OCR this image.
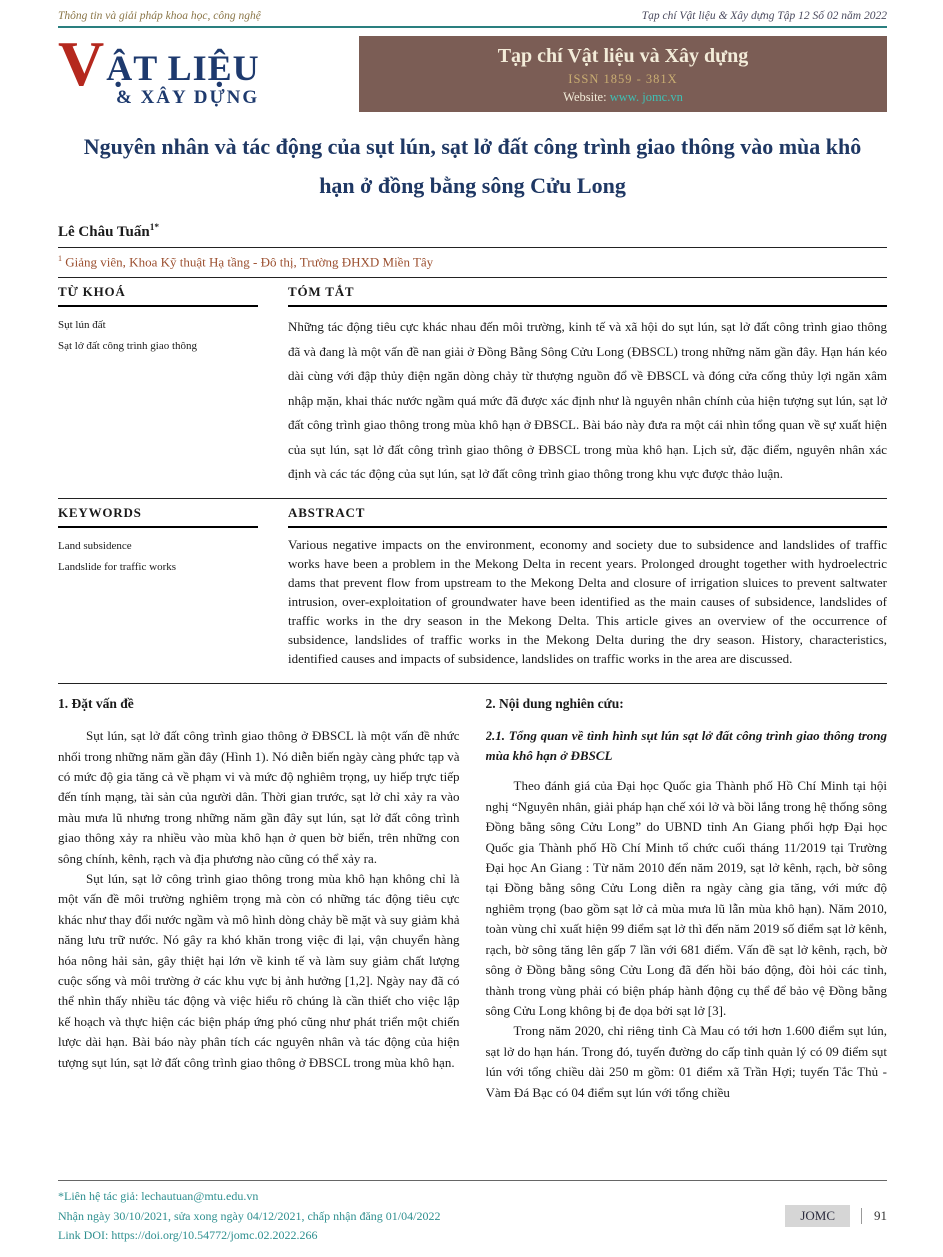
Thông tin và giải pháp khoa học, công nghệ	Tạp chí Vật liệu & Xây dựng Tập 12 Số 02 năm 2022
V ẬT LIỆU
& XÂY DỰNG
Tạp chí Vật liệu và Xây dựng
ISSN 1859 - 381X
Website: www. jomc.vn
Nguyên nhân và tác động của sụt lún, sạt lở đất công trình giao thông vào mùa khô hạn ở đồng bằng sông Cửu Long
Lê Châu Tuấn$^{1*}$
$^1$ Giảng viên, Khoa Kỹ thuật Hạ tầng - Đô thị, Trường ĐHXD Miền Tây
TỪ KHOÁ	TÓM TẮT
Sụt lún đất
Sạt lở đất công trình giao thông
Những tác động tiêu cực khác nhau đến môi trường, kinh tế và xã hội do sụt lún, sạt lở đất công trình giao thông đã và đang là một vấn đề nan giải ở Đồng Bằng Sông Cửu Long (ĐBSCL) trong những năm gần đây. Hạn hán kéo dài cùng với đập thủy điện ngăn dòng chảy từ thượng nguồn đổ về ĐBSCL và đóng cửa cống thủy lợi ngăn xâm nhập mặn, khai thác nước ngầm quá mức đã được xác định như là nguyên nhân chính của hiện tượng sụt lún, sạt lở đất công trình giao thông trong mùa khô hạn ở ĐBSCL. Bài báo này đưa ra một cái nhìn tổng quan về sự xuất hiện của sụt lún, sạt lở đất công trình giao thông ở ĐBSCL trong mùa khô hạn. Lịch sử, đặc điểm, nguyên nhân xác định và các tác động của sụt lún, sạt lở đất công trình giao thông trong khu vực được thảo luận.
KEYWORDS	ABSTRACT
Land subsidence
Landslide for traffic works
Various negative impacts on the environment, economy and society due to subsidence and landslides of traffic works have been a problem in the Mekong Delta in recent years. Prolonged drought together with hydroelectric dams that prevent flow from upstream to the Mekong Delta and closure of irrigation sluices to prevent saltwater intrusion, over-exploitation of groundwater have been identified as the main causes of subsidence, landslides of traffic works in the dry season in the Mekong Delta. This article gives an overview of the occurrence of subsidence, landslides of traffic works in the Mekong Delta during the dry season. History, characteristics, identified causes and impacts of subsidence, landslides on traffic works in the area are discussed.
1. Đặt vấn đề

Sụt lún, sạt lở đất công trình giao thông ở ĐBSCL là một vấn đề nhức nhối trong những năm gần đây (Hình 1). Nó diễn biến ngày càng phức tạp và có mức độ gia tăng cả về phạm vi và mức độ nghiêm trọng, uy hiếp trực tiếp đến tính mạng, tài sản của người dân. Thời gian trước, sạt lở chỉ xảy ra vào màu mưa lũ nhưng trong những năm gần đây sụt lún, sạt lở đất công trình giao thông xảy ra nhiều vào mùa khô hạn ở quen bờ biển, trên những con sông chính, kênh, rạch và địa phương nào cũng có thể xảy ra.

Sụt lún, sạt lở công trình giao thông trong mùa khô hạn không chỉ là một vấn đề môi trường nghiêm trọng mà còn có những tác động tiêu cực khác như thay đổi nước ngầm và mô hình dòng chảy bề mặt và suy giảm khả năng lưu trữ nước. Nó gây ra khó khăn trong việc đi lại, vận chuyển hàng hóa nông hải sản, gây thiệt hại lớn về kinh tế và làm suy giảm chất lượng cuộc sống và môi trường ở các khu vực bị ảnh hưởng [1,2]. Ngày nay đã có thể nhìn thấy nhiều tác động và việc hiểu rõ chúng là cần thiết cho việc lập kế hoạch và thực hiện các biện pháp ứng phó cũng như phát triển một chiến lược dài hạn. Bài báo này phân tích các nguyên nhân và tác động của hiện tượng sụt lún, sạt lở đất công trình giao thông ở ĐBSCL trong mùa khô hạn.

2. Nội dung nghiên cứu:
2.1. Tổng quan về tình hình sụt lún sạt lở đất công trình giao thông trong mùa khô hạn ở ĐBSCL

Theo đánh giá của Đại học Quốc gia Thành phố Hồ Chí Minh tại hội nghị “Nguyên nhân, giải pháp hạn chế xói lở và bồi lắng trong hệ thống sông Đồng bằng sông Cửu Long” do UBND tỉnh An Giang phối hợp Đại học Quốc gia Thành phố Hồ Chí Minh tổ chức cuối tháng 11/2019 tại Trường Đại học An Giang : Từ năm 2010 đến năm 2019, sạt lở kênh, rạch, bờ sông tại Đồng bằng sông Cửu Long diễn ra ngày càng gia tăng, với mức độ nghiêm trọng (bao gồm sạt lở cả mùa mưa lũ lẫn mùa khô hạn). Năm 2010, toàn vùng chỉ xuất hiện 99 điểm sạt lở thì đến năm 2019 số điểm sạt lở kênh, rạch, bờ sông tăng lên gấp 7 lần với 681 điểm. Vấn đề sạt lở kênh, rạch, bờ sông ở Đồng bằng sông Cửu Long đã đến hồi báo động, đòi hỏi các tỉnh, thành trong vùng phải có biện pháp hành động cụ thể để bảo vệ Đồng bằng sông Cửu Long không bị đe dọa bởi sạt lở [3].

Trong năm 2020, chỉ riêng tỉnh Cà Mau có tới hơn 1.600 điểm sụt lún, sạt lở do hạn hán. Trong đó, tuyến đường do cấp tỉnh quản lý có 09 điểm sụt lún với tổng chiều dài 250 m gồm: 01 điểm xã Trần Hợi; tuyến Tắc Thủ - Vàm Đá Bạc có 04 điểm sụt lún với tổng chiều

*Liên hệ tác giả: lechautuan@mtu.edu.vn
Nhận ngày 30/10/2021, sửa xong ngày 04/12/2021, chấp nhận đăng 01/04/2022
Link DOI: https://doi.org/10.54772/jomc.02.2022.266
JOMC	91
